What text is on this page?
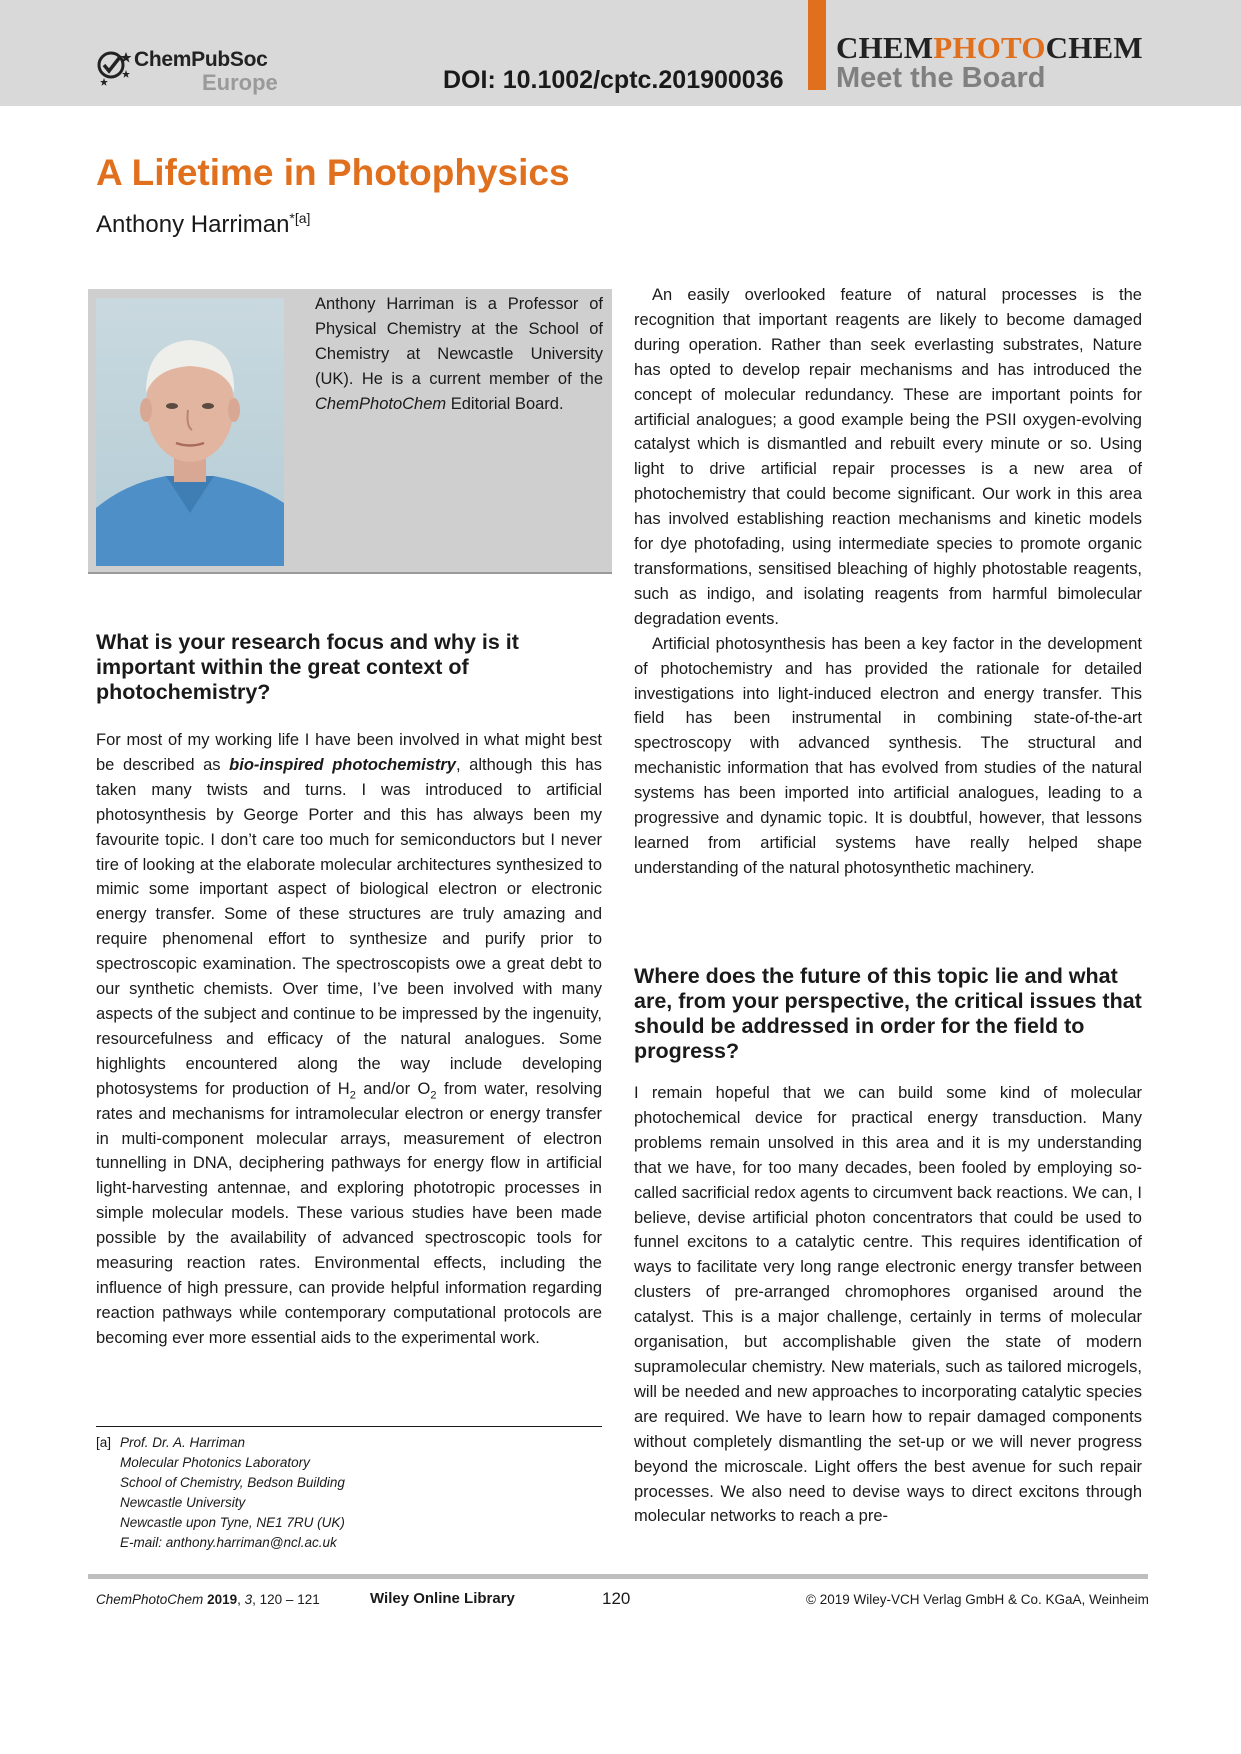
ChemPubSoc
Europe	DOI: 10.1002/cptc.201900036
CHEMPHOTOCHEM
Meet the Board
A Lifetime in Photophysics
Anthony Harriman$^{*[a]}$
Anthony Harriman is a Professor of Physical Chemistry at the School of Chemistry at Newcastle University (UK). He is a current member of the ChemPhotoChem Editorial Board.
What is your research focus and why is it important within the great context of photochemistry?
For most of my working life I have been involved in what might best be described as bio-inspired photochemistry, although this has taken many twists and turns. I was introduced to artificial photosynthesis by George Porter and this has always been my favourite topic. I don’t care too much for semiconductors but I never tire of looking at the elaborate molecular architectures synthesized to mimic some important aspect of biological electron or electronic energy transfer. Some of these structures are truly amazing and require phenomenal effort to synthesize and purify prior to spectroscopic examination. The spectroscopists owe a great debt to our synthetic chemists. Over time, I’ve been involved with many aspects of the subject and continue to be impressed by the ingenuity, resourcefulness and efficacy of the natural analogues. Some highlights encountered along the way include developing photosystems for production of $H_2$ and/or $O_2$ from water, resolving rates and mechanisms for intramolecular electron or energy transfer in multi-component molecular arrays, measurement of electron tunnelling in DNA, deciphering pathways for energy flow in artificial light-harvesting antennae, and exploring phototropic processes in simple molecular models. These various studies have been made possible by the availability of advanced spectroscopic tools for measuring reaction rates. Environmental effects, including the influence of high pressure, can provide helpful information regarding reaction pathways while contemporary computational protocols are becoming ever more essential aids to the experimental work.
[a] Prof. Dr. A. Harriman
Molecular Photonics Laboratory
School of Chemistry, Bedson Building
Newcastle University
Newcastle upon Tyne, NE1 7RU (UK)
E-mail: anthony.harriman@ncl.ac.uk

An easily overlooked feature of natural processes is the recognition that important reagents are likely to become damaged during operation. Rather than seek everlasting substrates, Nature has opted to develop repair mechanisms and has introduced the concept of molecular redundancy. These are important points for artificial analogues; a good example being the PSII oxygen-evolving catalyst which is dismantled and rebuilt every minute or so. Using light to drive artificial repair processes is a new area of photochemistry that could become significant. Our work in this area has involved establishing reaction mechanisms and kinetic models for dye photofading, using intermediate species to promote organic transformations, sensitised bleaching of highly photostable reagents, such as indigo, and isolating reagents from harmful bimolecular degradation events.

Artificial photosynthesis has been a key factor in the development of photochemistry and has provided the rationale for detailed investigations into light-induced electron and energy transfer. This field has been instrumental in combining state-of-the-art spectroscopy with advanced synthesis. The structural and mechanistic information that has evolved from studies of the natural systems has been imported into artificial analogues, leading to a progressive and dynamic topic. It is doubtful, however, that lessons learned from artificial systems have really helped shape understanding of the natural photosynthetic machinery.

Where does the future of this topic lie and what are, from your perspective, the critical issues that should be addressed in order for the field to progress?
I remain hopeful that we can build some kind of molecular photochemical device for practical energy transduction. Many problems remain unsolved in this area and it is my understanding that we have, for too many decades, been fooled by employing so-called sacrificial redox agents to circumvent back reactions. We can, I believe, devise artificial photon concentrators that could be used to funnel excitons to a catalytic centre. This requires identification of ways to facilitate very long range electronic energy transfer between clusters of pre-arranged chromophores organised around the catalyst. This is a major challenge, certainly in terms of molecular organisation, but accomplishable given the state of modern supramolecular chemistry. New materials, such as tailored microgels, will be needed and new approaches to incorporating catalytic species are required. We have to learn how to repair damaged components without completely dismantling the set-up or we will never progress beyond the microscale. Light offers the best avenue for such repair processes. We also need to devise ways to direct excitons through molecular networks to reach a pre-
ChemPhotoChem 2019, 3, 120 – 121	Wiley Online Library	120	© 2019 Wiley-VCH Verlag GmbH & Co. KGaA, Weinheim
